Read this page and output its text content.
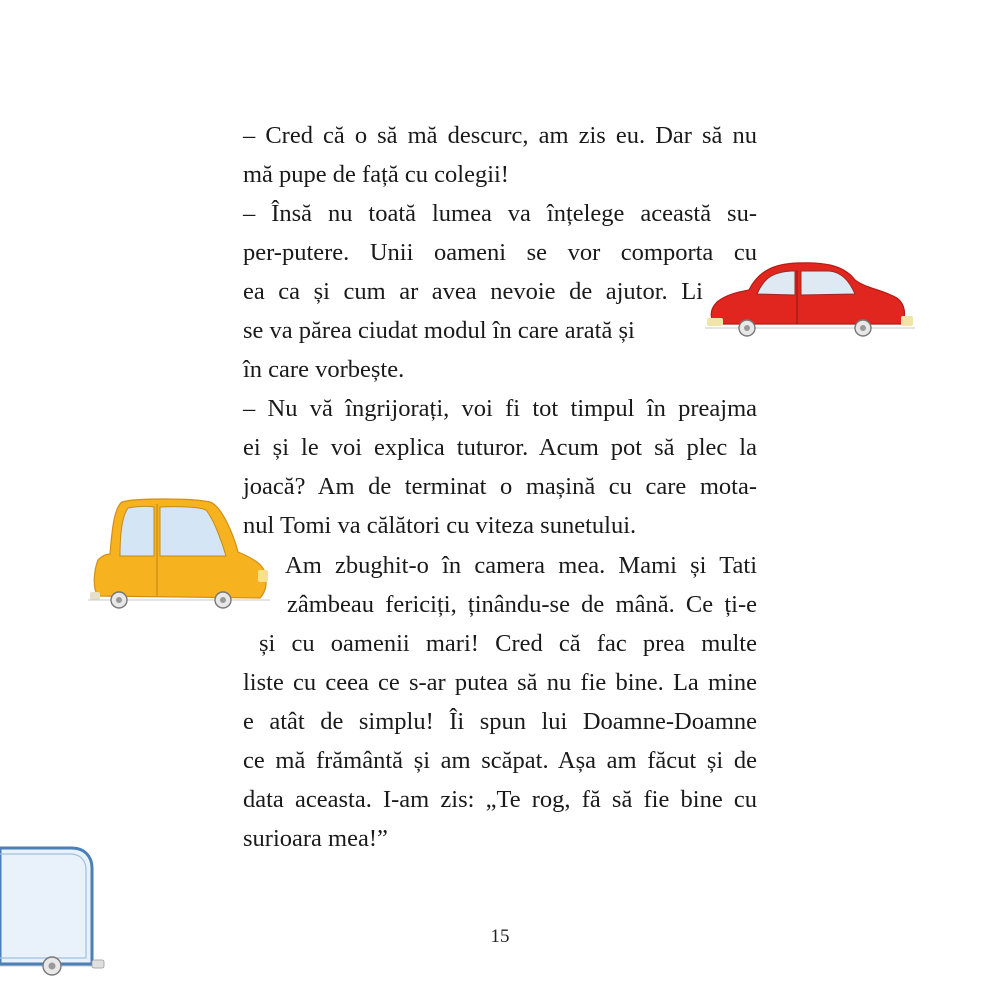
– Cred că o să mă descurc, am zis eu. Dar să nu
mă pupe de față cu colegii!
– Însă nu toată lumea va înțelege această su-
per-putere. Unii oameni se vor comporta cu
ea ca și cum ar avea nevoie de ajutor. Li
se va părea ciudat modul în care arată și
în care vorbește.
– Nu vă îngrijorați, voi fi tot timpul în preajma
ei și le voi explica tuturor. Acum pot să plec la
joacă? Am de terminat o mașină cu care mota-
nul Tomi va călători cu viteza sunetului.
Am zbughit-o în camera mea. Mami și Tati
zâmbeau fericiți, ținându-se de mână. Ce ți-e
și cu oamenii mari! Cred că fac prea multe
liste cu ceea ce s-ar putea să nu fie bine. La mine
e atât de simplu! Îi spun lui Doamne-Doamne
ce mă frământă și am scăpat. Așa am făcut și de
data aceasta. I-am zis: „Te rog, fă să fie bine cu
surioara mea!”
15
